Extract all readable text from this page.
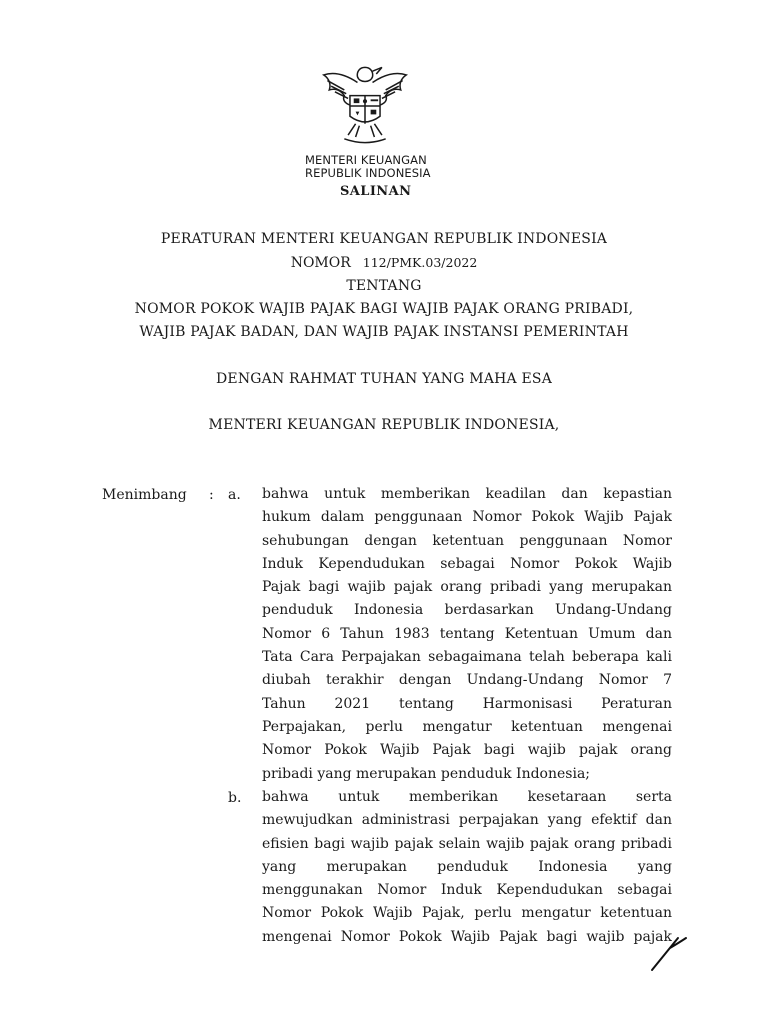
MENTERI KEUANGAN
REPUBLIK INDONESIA
SALINAN
PERATURAN MENTERI KEUANGAN REPUBLIK INDONESIA
NOMOR 112/PMK.03/2022
TENTANG
NOMOR POKOK WAJIB PAJAK BAGI WAJIB PAJAK ORANG PRIBADI,
WAJIB PAJAK BADAN, DAN WAJIB PAJAK INSTANSI PEMERINTAH
DENGAN RAHMAT TUHAN YANG MAHA ESA
MENTERI KEUANGAN REPUBLIK INDONESIA,
Menimbang : a. bahwa untuk memberikan keadilan dan kepastian
hukum dalam penggunaan Nomor Pokok Wajib Pajak
sehubungan dengan ketentuan penggunaan Nomor
Induk Kependudukan sebagai Nomor Pokok Wajib
Pajak bagi wajib pajak orang pribadi yang merupakan
penduduk Indonesia berdasarkan Undang-Undang
Nomor 6 Tahun 1983 tentang Ketentuan Umum dan
Tata Cara Perpajakan sebagaimana telah beberapa kali
diubah terakhir dengan Undang-Undang Nomor 7
Tahun 2021 tentang Harmonisasi Peraturan
Perpajakan, perlu mengatur ketentuan mengenai
Nomor Pokok Wajib Pajak bagi wajib pajak orang
pribadi yang merupakan penduduk Indonesia;
b. bahwa untuk memberikan kesetaraan serta
mewujudkan administrasi perpajakan yang efektif dan
efisien bagi wajib pajak selain wajib pajak orang pribadi
yang merupakan penduduk Indonesia yang
menggunakan Nomor Induk Kependudukan sebagai
Nomor Pokok Wajib Pajak, perlu mengatur ketentuan
mengenai Nomor Pokok Wajib Pajak bagi wajib pajak
